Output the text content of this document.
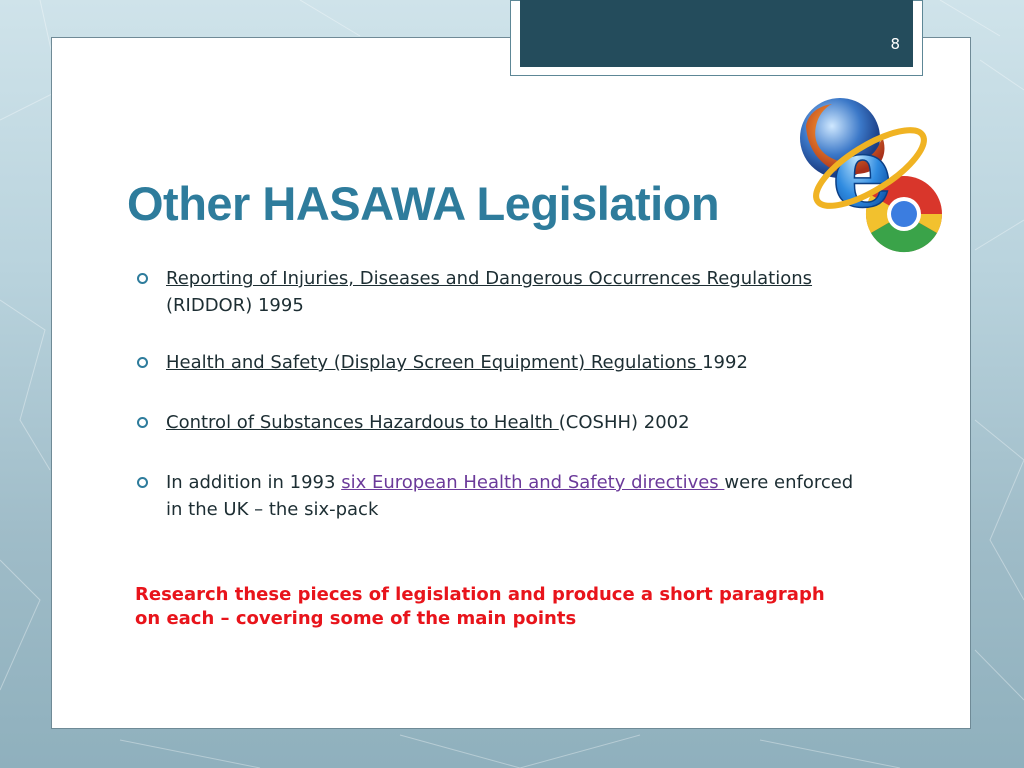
8
Other HASAWA Legislation	e
Reporting of Injuries, Diseases and Dangerous Occurrences Regulations
(RIDDOR) 1995
Health and Safety (Display Screen Equipment) Regulations 1992
Control of Substances Hazardous to Health (COSHH) 2002
In addition in 1993 six European Health and Safety directives were enforced in the UK – the six-pack
Research these pieces of legislation and produce a short paragraph on each – covering some of the main points
